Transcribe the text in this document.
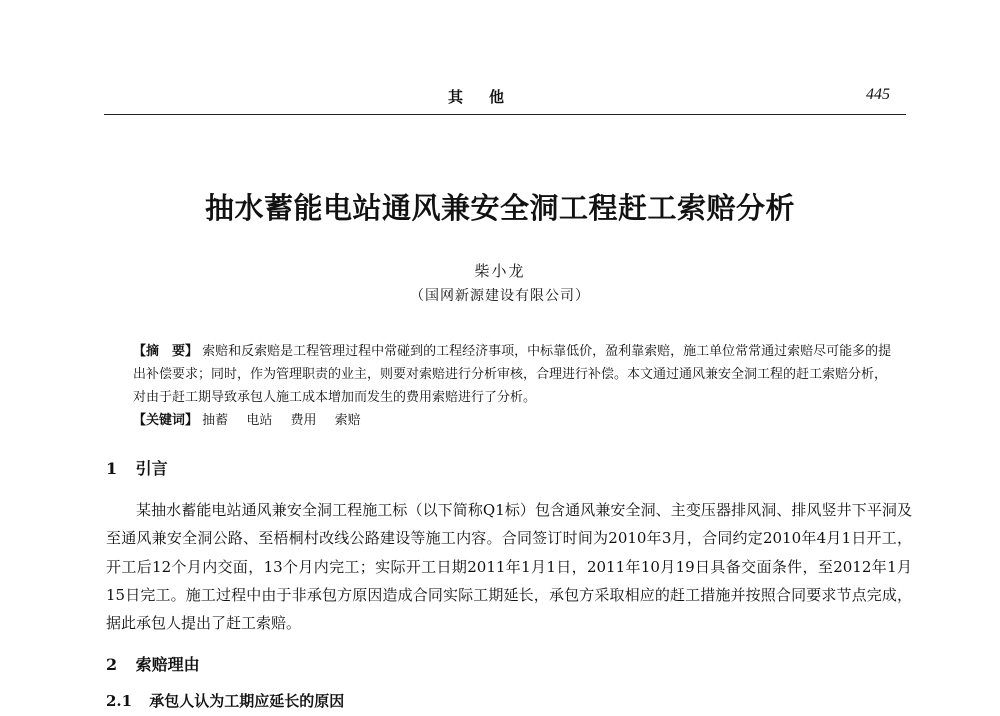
其他	445
抽水蓄能电站通风兼安全洞工程赶工索赔分析
柴小龙
（国网新源建设有限公司）

【摘　要】 索赔和反索赔是工程管理过程中常碰到的工程经济事项，中标靠低价，盈利靠索赔，施工单位常常通过索赔尽可能多的提出补偿要求；同时，作为管理职责的业主，则要对索赔进行分析审核，合理进行补偿。本文通过通风兼安全洞工程的赶工索赔分析，对由于赶工期导致承包人施工成本增加而发生的费用索赔进行了分析。

【关键词】 抽蓄 电站 费用 索赔

1 引言

某抽水蓄能电站通风兼安全洞工程施工标（以下简称Q1标）包含通风兼安全洞、主变压器排风洞、排风竖井下平洞及至通风兼安全洞公路、至梧桐村改线公路建设等施工内容。合同签订时间为2010年3月，合同约定2010年4月1日开工，开工后12个月内交面，13个月内完工；实际开工日期2011年1月1日，2011年10月19日具备交面条件，至2012年1月15日完工。施工过程中由于非承包方原因造成合同实际工期延长，承包方采取相应的赶工措施并按照合同要求节点完成，据此承包人提出了赶工索赔。

2 索赔理由
2.1 承包人认为工期应延长的原因
